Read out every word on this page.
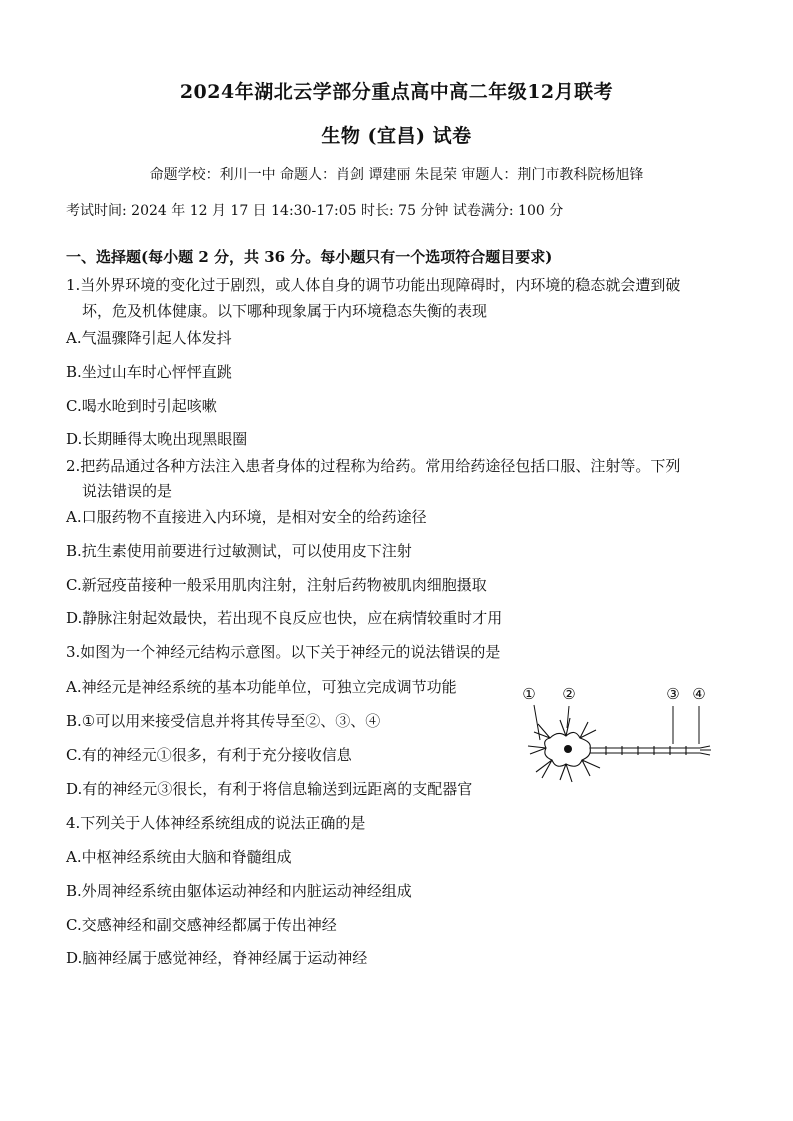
2024年湖北云学部分重点高中高二年级12月联考
生物 (宜昌) 试卷
命题学校：利川一中 命题人：肖剑 谭建丽 朱昆荣 审题人：荆门市教科院杨旭锋
考试时间: 2024 年 12 月 17 日 14:30-17:05 时长: 75 分钟 试卷满分: 100 分
一、选择题(每小题 2 分，共 36 分。每小题只有一个选项符合题目要求)
1.当外界环境的变化过于剧烈，或人体自身的调节功能出现障碍时，内环境的稳态就会遭到破
坏，危及机体健康。以下哪种现象属于内环境稳态失衡的表现
A.气温骤降引起人体发抖
B.坐过山车时心怦怦直跳
C.喝水呛到时引起咳嗽
D.长期睡得太晚出现黑眼圈
2.把药品通过各种方法注入患者身体的过程称为给药。常用给药途径包括口服、注射等。下列
说法错误的是
A.口服药物不直接进入内环境，是相对安全的给药途径
B.抗生素使用前要进行过敏测试，可以使用皮下注射
C.新冠疫苗接种一般采用肌肉注射，注射后药物被肌肉细胞摄取
D.静脉注射起效最快，若出现不良反应也快，应在病情较重时才用
3.如图为一个神经元结构示意图。以下关于神经元的说法错误的是
A.神经元是神经系统的基本功能单位，可独立完成调节功能
B.①可以用来接受信息并将其传导至②、③、④
C.有的神经元①很多，有利于充分接收信息
D.有的神经元③很长，有利于将信息输送到远距离的支配器官
① ②	③ ④
4.下列关于人体神经系统组成的说法正确的是
A.中枢神经系统由大脑和脊髓组成
B.外周神经系统由躯体运动神经和内脏运动神经组成
C.交感神经和副交感神经都属于传出神经
D.脑神经属于感觉神经，脊神经属于运动神经
